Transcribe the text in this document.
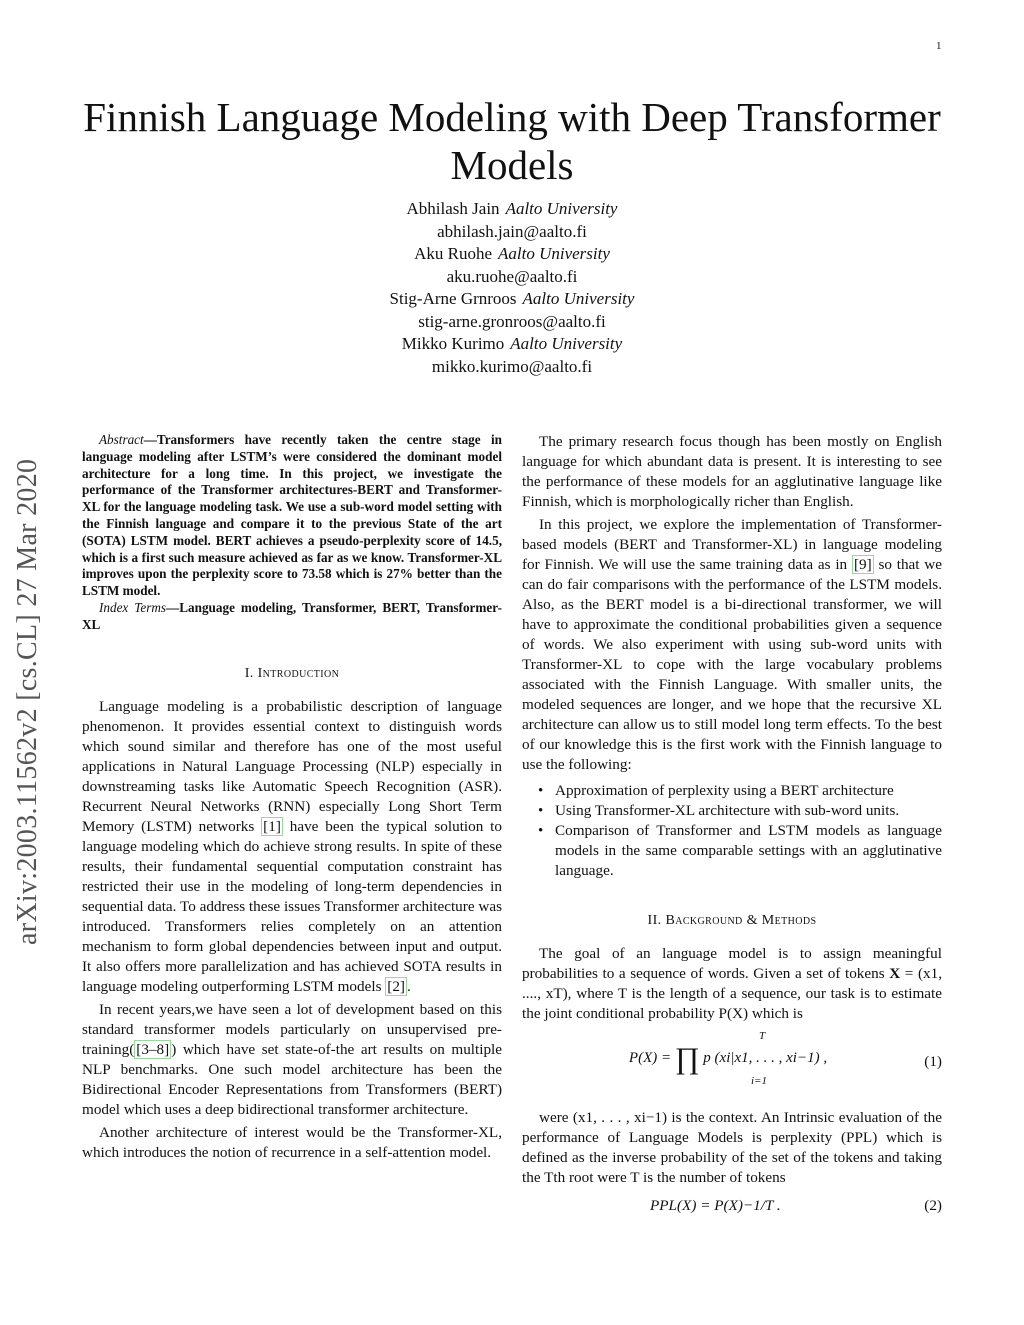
1
arXiv:2003.11562v2 [cs.CL] 27 Mar 2020
Finnish Language Modeling with Deep Transformer Models
Abhilash Jain Aalto University
abhilash.jain@aalto.fi
Aku Ruohe Aalto University
aku.ruohe@aalto.fi
Stig-Arne Grnroos Aalto University
stig-arne.gronroos@aalto.fi
Mikko Kurimo Aalto University
mikko.kurimo@aalto.fi

Abstract—Transformers have recently taken the centre stage in language modeling after LSTM’s were considered the dominant model architecture for a long time. In this project, we investigate the performance of the Transformer architectures-BERT and Transformer-XL for the language modeling task. We use a sub-word model setting with the Finnish language and compare it to the previous State of the art (SOTA) LSTM model. BERT achieves a pseudo-perplexity score of 14.5, which is a first such measure achieved as far as we know. Transformer-XL improves upon the perplexity score to 73.58 which is 27% better than the LSTM model.

Index Terms—Language modeling, Transformer, BERT, Transformer-XL

I. Introduction

Language modeling is a probabilistic description of language phenomenon. It provides essential context to distinguish words which sound similar and therefore has one of the most useful applications in Natural Language Processing (NLP) especially in downstreaming tasks like Automatic Speech Recognition (ASR). Recurrent Neural Networks (RNN) especially Long Short Term Memory (LSTM) networks [1] have been the typical solution to language modeling which do achieve strong results. In spite of these results, their fundamental sequential computation constraint has restricted their use in the modeling of long-term dependencies in sequential data. To address these issues Transformer architecture was introduced. Transformers relies completely on an attention mechanism to form global dependencies between input and output. It also offers more parallelization and has achieved SOTA results in language modeling outperforming LSTM models [2] .

In recent years,we have seen a lot of development based on this standard transformer models particularly on unsupervised pre-training( [3–8] ) which have set state-of-the art results on multiple NLP benchmarks. One such model architecture has been the Bidirectional Encoder Representations from Transformers (BERT) model which uses a deep bidirectional transformer architecture.

Another architecture of interest would be the Transformer-XL, which introduces the notion of recurrence in a self-attention model.

The primary research focus though has been mostly on English language for which abundant data is present. It is interesting to see the performance of these models for an agglutinative language like Finnish, which is morphologically richer than English.

In this project, we explore the implementation of Transformer-based models (BERT and Transformer-XL) in language modeling for Finnish. We will use the same training data as in [9] so that we can do fair comparisons with the performance of the LSTM models. Also, as the BERT model is a bi-directional transformer, we will have to approximate the conditional probabilities given a sequence of words. We also experiment with using sub-word units with Transformer-XL to cope with the large vocabulary problems associated with the Finnish Language. With smaller units, the modeled sequences are longer, and we hope that the recursive XL architecture can allow us to still model long term effects. To the best of our knowledge this is the first work with the Finnish language to use the following:

• Approximation of perplexity using a BERT architecture
• Using Transformer-XL architecture with sub-word units.
• Comparison of Transformer and LSTM models as language models in the same comparable settings with an agglutinative language.
II. Background & Methods

The goal of an language model is to assign meaningful probabilities to a sequence of words. Given a set of tokens X = (x1, ...., xT), where T is the length of a sequence, our task is to estimate the joint conditional probability P(X) which is

T
P(X) = ∏ p (xi|x1, . . . , xi−1) ,
i=1
(1)

were (x1, . . . , xi−1) is the context. An Intrinsic evaluation of the performance of Language Models is perplexity (PPL) which is defined as the inverse probability of the set of the tokens and taking the Tth root were T is the number of tokens

PPL(X) = P(X)−1/T .	(2)
